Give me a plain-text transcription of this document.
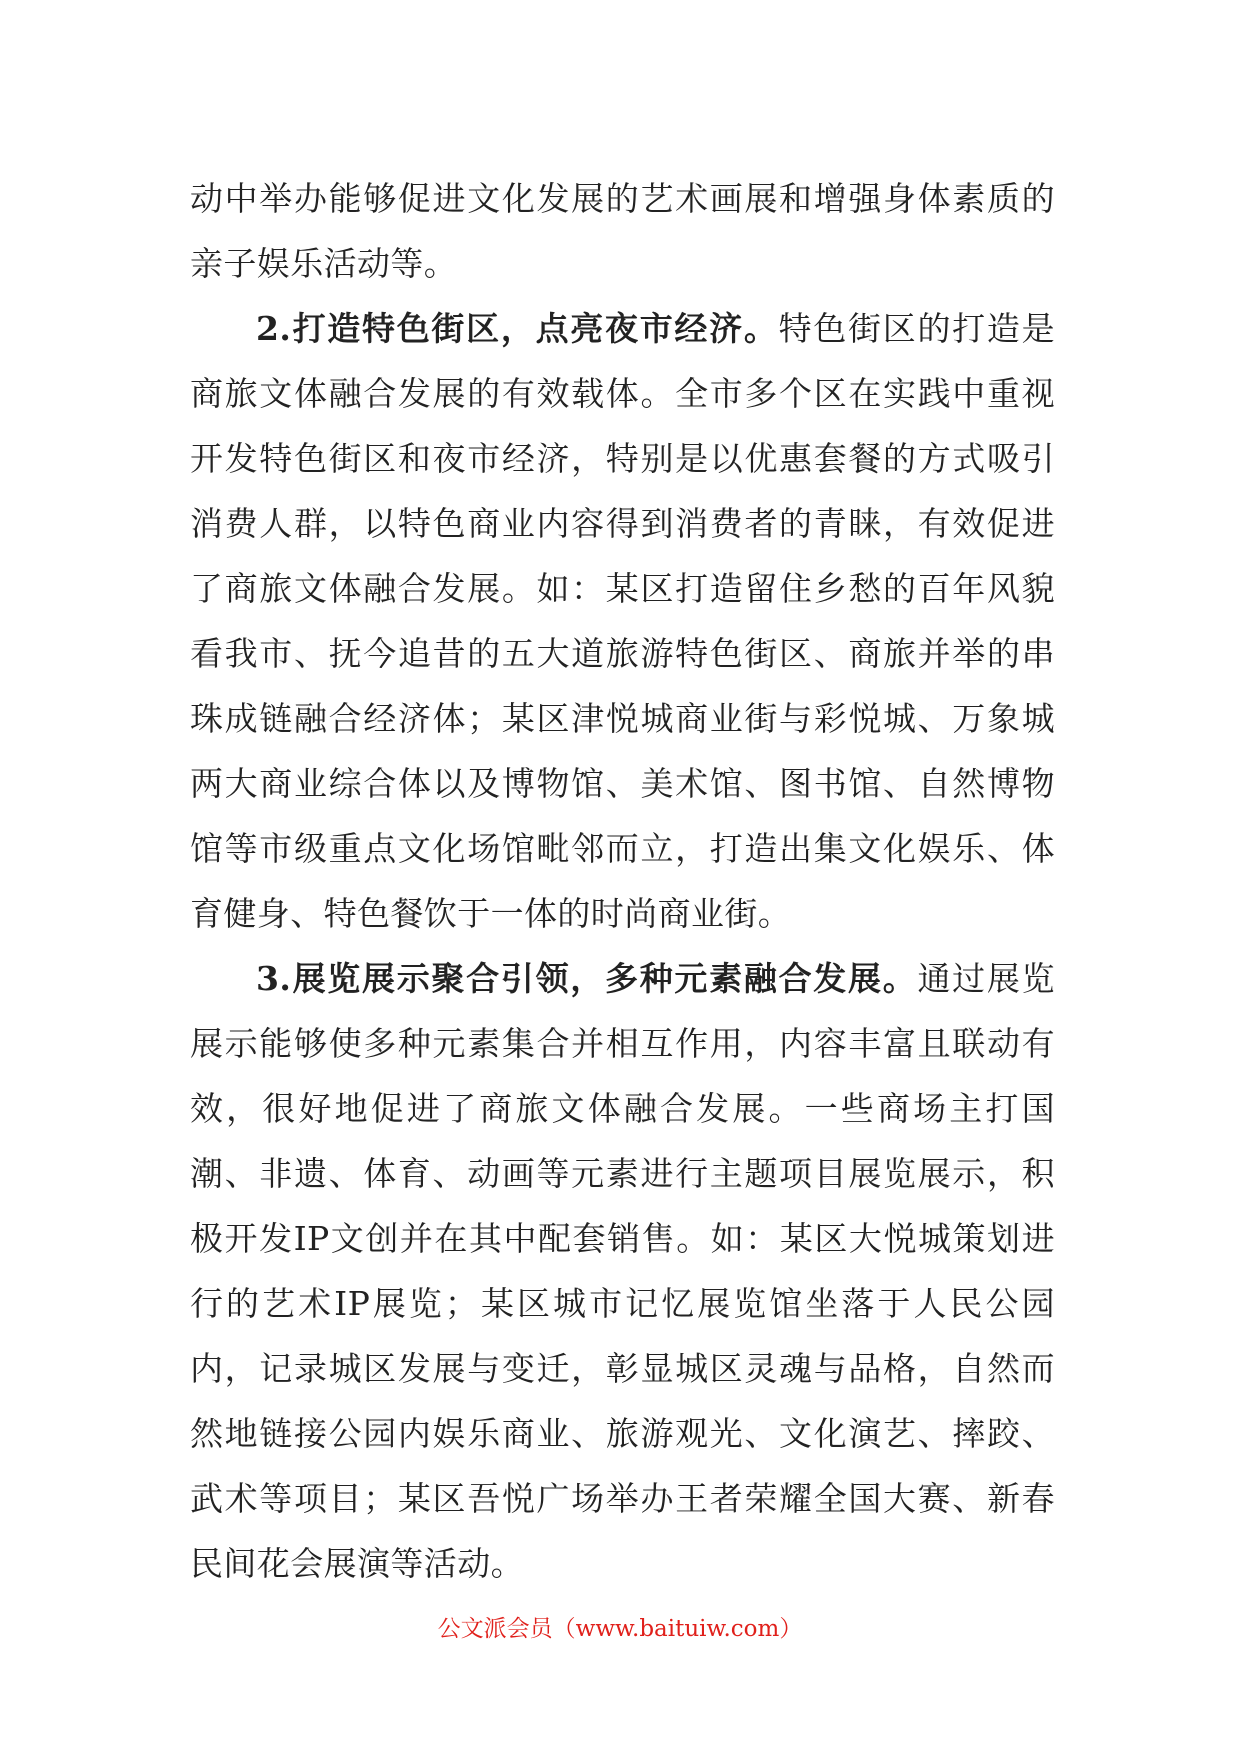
动中举办能够促进文化发展的艺术画展和增强身体素质的亲子娱乐活动等。

2.打造特色街区，点亮夜市经济。特色街区的打造是商旅文体融合发展的有效载体。全市多个区在实践中重视开发特色街区和夜市经济，特别是以优惠套餐的方式吸引消费人群，以特色商业内容得到消费者的青睐，有效促进了商旅文体融合发展。如：某区打造留住乡愁的百年风貌看我市、抚今追昔的五大道旅游特色街区、商旅并举的串珠成链融合经济体；某区津悦城商业街与彩悦城、万象城两大商业综合体以及博物馆、美术馆、图书馆、自然博物馆等市级重点文化场馆毗邻而立，打造出集文化娱乐、体育健身、特色餐饮于一体的时尚商业街。

3.展览展示聚合引领，多种元素融合发展。通过展览展示能够使多种元素集合并相互作用，内容丰富且联动有效，很好地促进了商旅文体融合发展。一些商场主打国潮、非遗、体育、动画等元素进行主题项目展览展示，积极开发IP文创并在其中配套销售。如：某区大悦城策划进行的艺术IP展览；某区城市记忆展览馆坐落于人民公园内，记录城区发展与变迁，彰显城区灵魂与品格，自然而然地链接公园内娱乐商业、旅游观光、文化演艺、摔跤、武术等项目；某区吾悦广场举办王者荣耀全国大赛、新春民间花会展演等活动。

公文派会员（www.baituiw.com）
